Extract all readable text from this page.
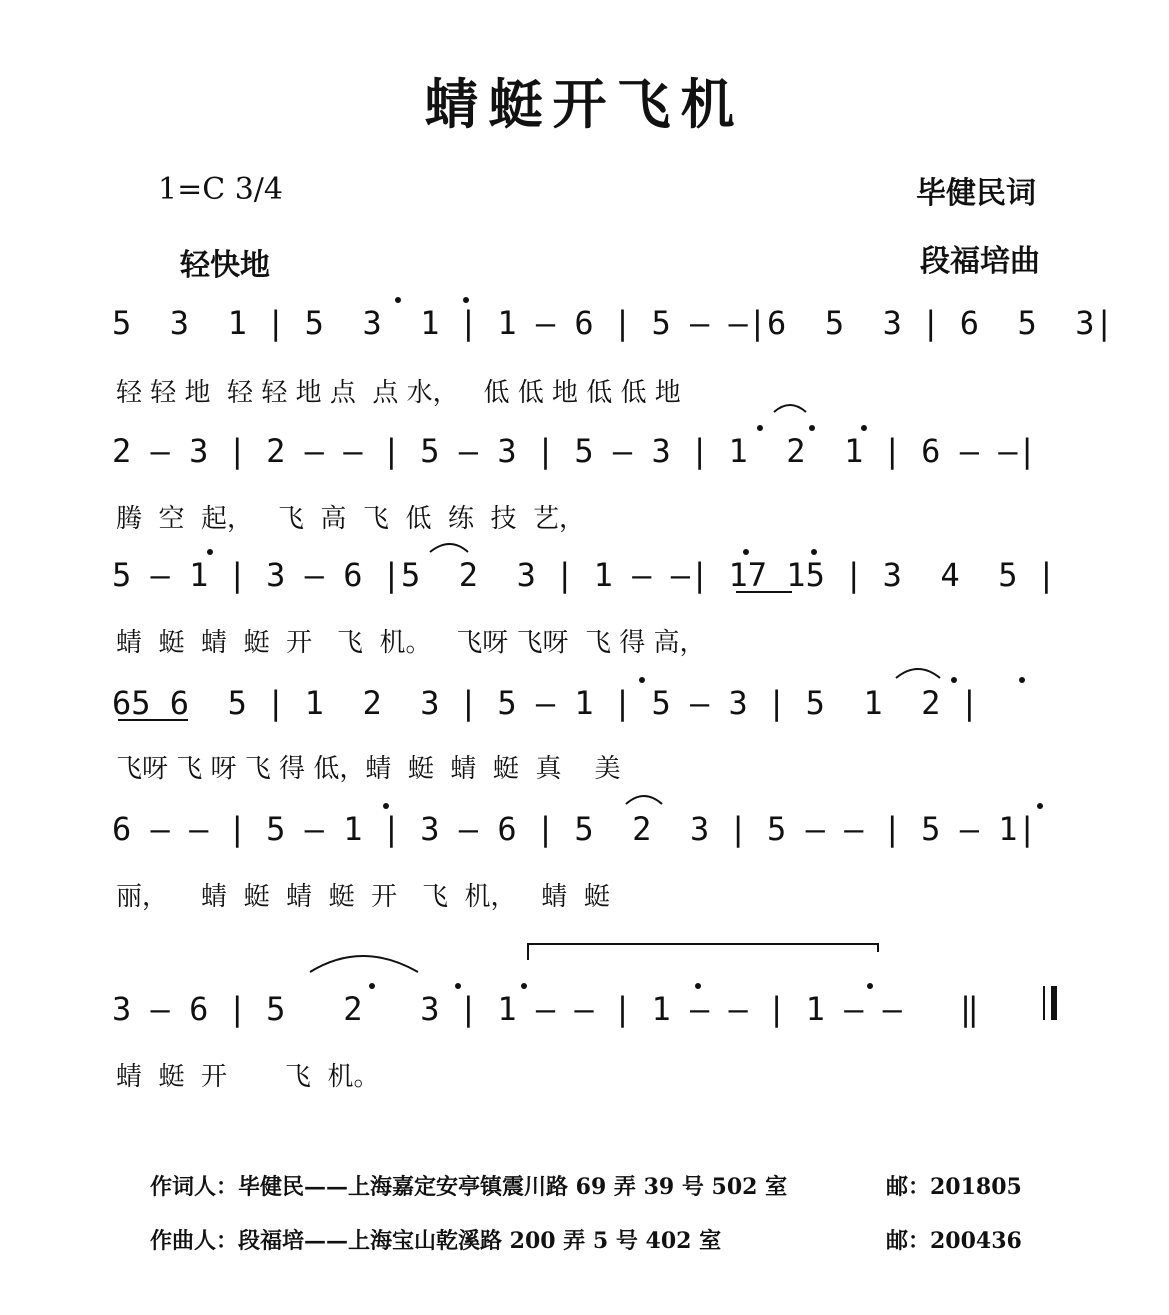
蜻蜓开飞机
1=C 3/4
轻快地
毕健民词
段福培曲
5  3  1 | 5  3  1 | 1 — 6 | 5 — —|6  5  3 | 6  5  3|
轻 轻 地  轻 轻 地 点  点 水，   低 低 地 低 低 地
2 — 3 | 2 — — | 5 — 3 | 5 — 3 | 1  2  1 | 6 — —|
腾  空  起，   飞  高  飞  低  练  技  艺，
5 — 1 | 3 — 6 |5  2  3 | 1 — —| 17 15 | 3  4  5 |
蜻  蜓  蜻  蜓  开   飞  机。   飞呀 飞呀  飞 得 高，
65 6  5 | 1  2  3 | 5 — 1 | 5 — 3 | 5  1  2 |
飞呀 飞 呀 飞 得 低，蜻  蜓  蜻  蜓  真    美
6 — — | 5 — 1 | 3 — 6 | 5  2  3 | 5 — — | 5 — 1|
丽，    蜻  蜓  蜻  蜓  开   飞  机，   蜻  蜓
3 — 6 | 5   2   3 | 1 — — | 1 — — | 1 — —   ‖
蜻  蜓  开       飞  机。
作词人：毕健民——上海嘉定安亭镇震川路 69 弄 39 号 502 室	邮：201805
作曲人：段福培——上海宝山乾溪路 200 弄 5 号 402 室	邮：200436
